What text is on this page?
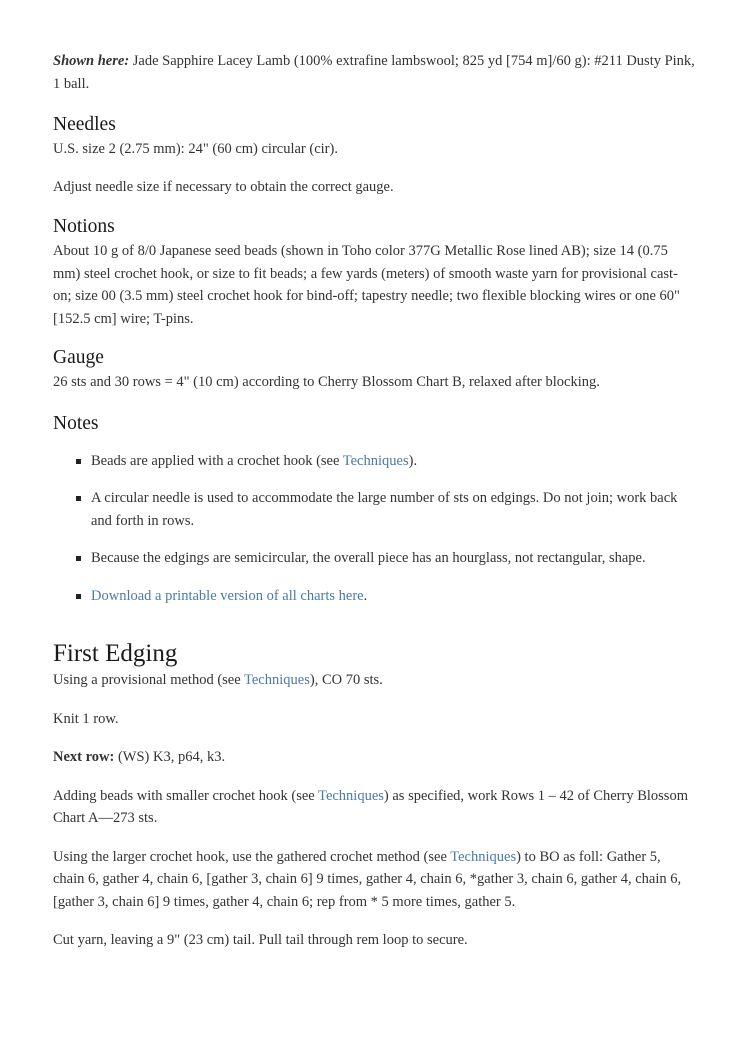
Shown here: Jade Sapphire Lacey Lamb (100% extrafine lambswool; 825 yd [754 m]/60 g): #211 Dusty Pink, 1 ball.

Needles

U.S. size 2 (2.75 mm): 24" (60 cm) circular (cir).

Adjust needle size if necessary to obtain the correct gauge.

Notions

About 10 g of 8/0 Japanese seed beads (shown in Toho color 377G Metallic Rose lined AB); size 14 (0.75 mm) steel crochet hook, or size to fit beads; a few yards (meters) of smooth waste yarn for provisional cast-on; size 00 (3.5 mm) steel crochet hook for bind-off; tapestry needle; two flexible blocking wires or one 60" [152.5 cm] wire; T-pins.

Gauge

26 sts and 30 rows = 4" (10 cm) according to Cherry Blossom Chart B, relaxed after blocking.

Notes
Beads are applied with a crochet hook (see Techniques).
A circular needle is used to accommodate the large number of sts on edgings. Do not join; work back and forth in rows.
Because the edgings are semicircular, the overall piece has an hourglass, not rectangular, shape.
Download a printable version of all charts here.
First Edging

Using a provisional method (see Techniques), CO 70 sts.

Knit 1 row.

Next row: (WS) K3, p64, k3.

Adding beads with smaller crochet hook (see Techniques) as specified, work Rows 1 – 42 of Cherry Blossom Chart A—273 sts.

Using the larger crochet hook, use the gathered crochet method (see Techniques) to BO as foll: Gather 5, chain 6, gather 4, chain 6, [gather 3, chain 6] 9 times, gather 4, chain 6, *gather 3, chain 6, gather 4, chain 6, [gather 3, chain 6] 9 times, gather 4, chain 6; rep from * 5 more times, gather 5.

Cut yarn, leaving a 9" (23 cm) tail. Pull tail through rem loop to secure.
